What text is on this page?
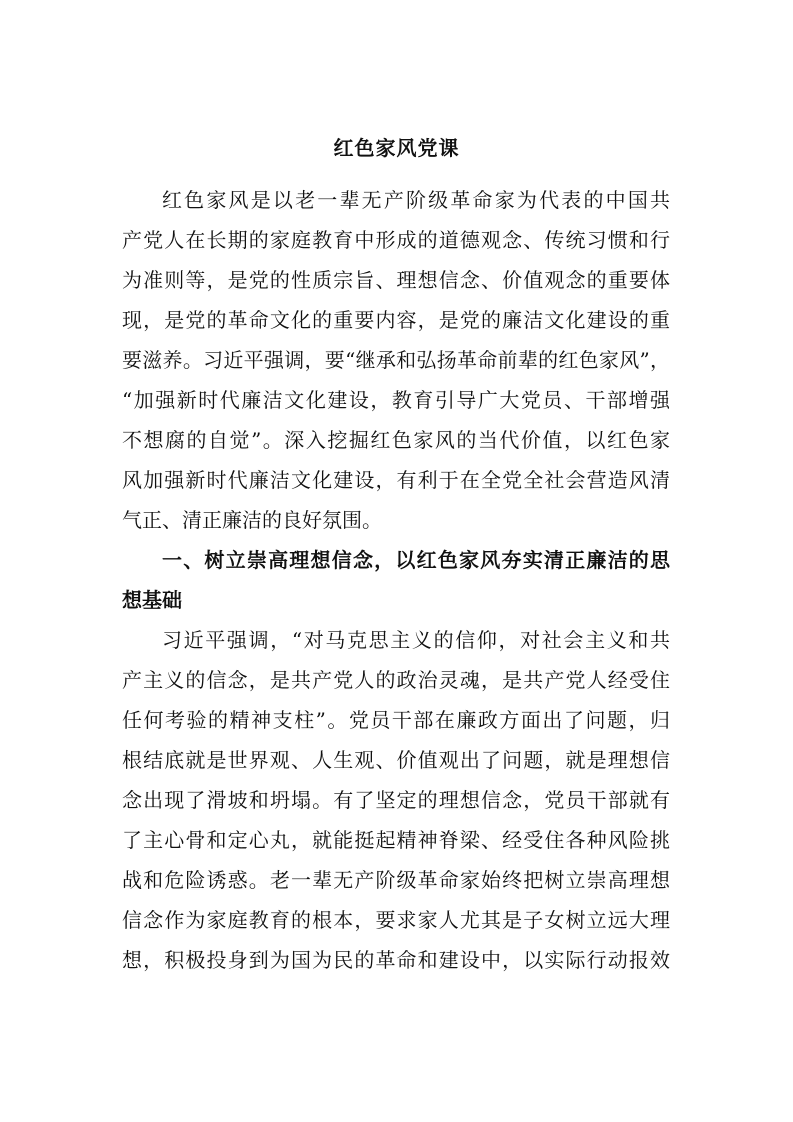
红色家风党课
红色家风是以老一辈无产阶级革命家为代表的中国共
产党人在长期的家庭教育中形成的道德观念、传统习惯和行
为准则等，是党的性质宗旨、理想信念、价值观念的重要体
现，是党的革命文化的重要内容，是党的廉洁文化建设的重
要滋养。习近平强调，要“继承和弘扬革命前辈的红色家风”，
“加强新时代廉洁文化建设，教育引导广大党员、干部增强
不想腐的自觉”。深入挖掘红色家风的当代价值，以红色家
风加强新时代廉洁文化建设，有利于在全党全社会营造风清
气正、清正廉洁的良好氛围。
一、树立崇高理想信念，以红色家风夯实清正廉洁的思
想基础
习近平强调，“对马克思主义的信仰，对社会主义和共
产主义的信念，是共产党人的政治灵魂，是共产党人经受住
任何考验的精神支柱”。党员干部在廉政方面出了问题，归
根结底就是世界观、人生观、价值观出了问题，就是理想信
念出现了滑坡和坍塌。有了坚定的理想信念，党员干部就有
了主心骨和定心丸，就能挺起精神脊梁、经受住各种风险挑
战和危险诱惑。老一辈无产阶级革命家始终把树立崇高理想
信念作为家庭教育的根本，要求家人尤其是子女树立远大理
想，积极投身到为国为民的革命和建设中，以实际行动报效
